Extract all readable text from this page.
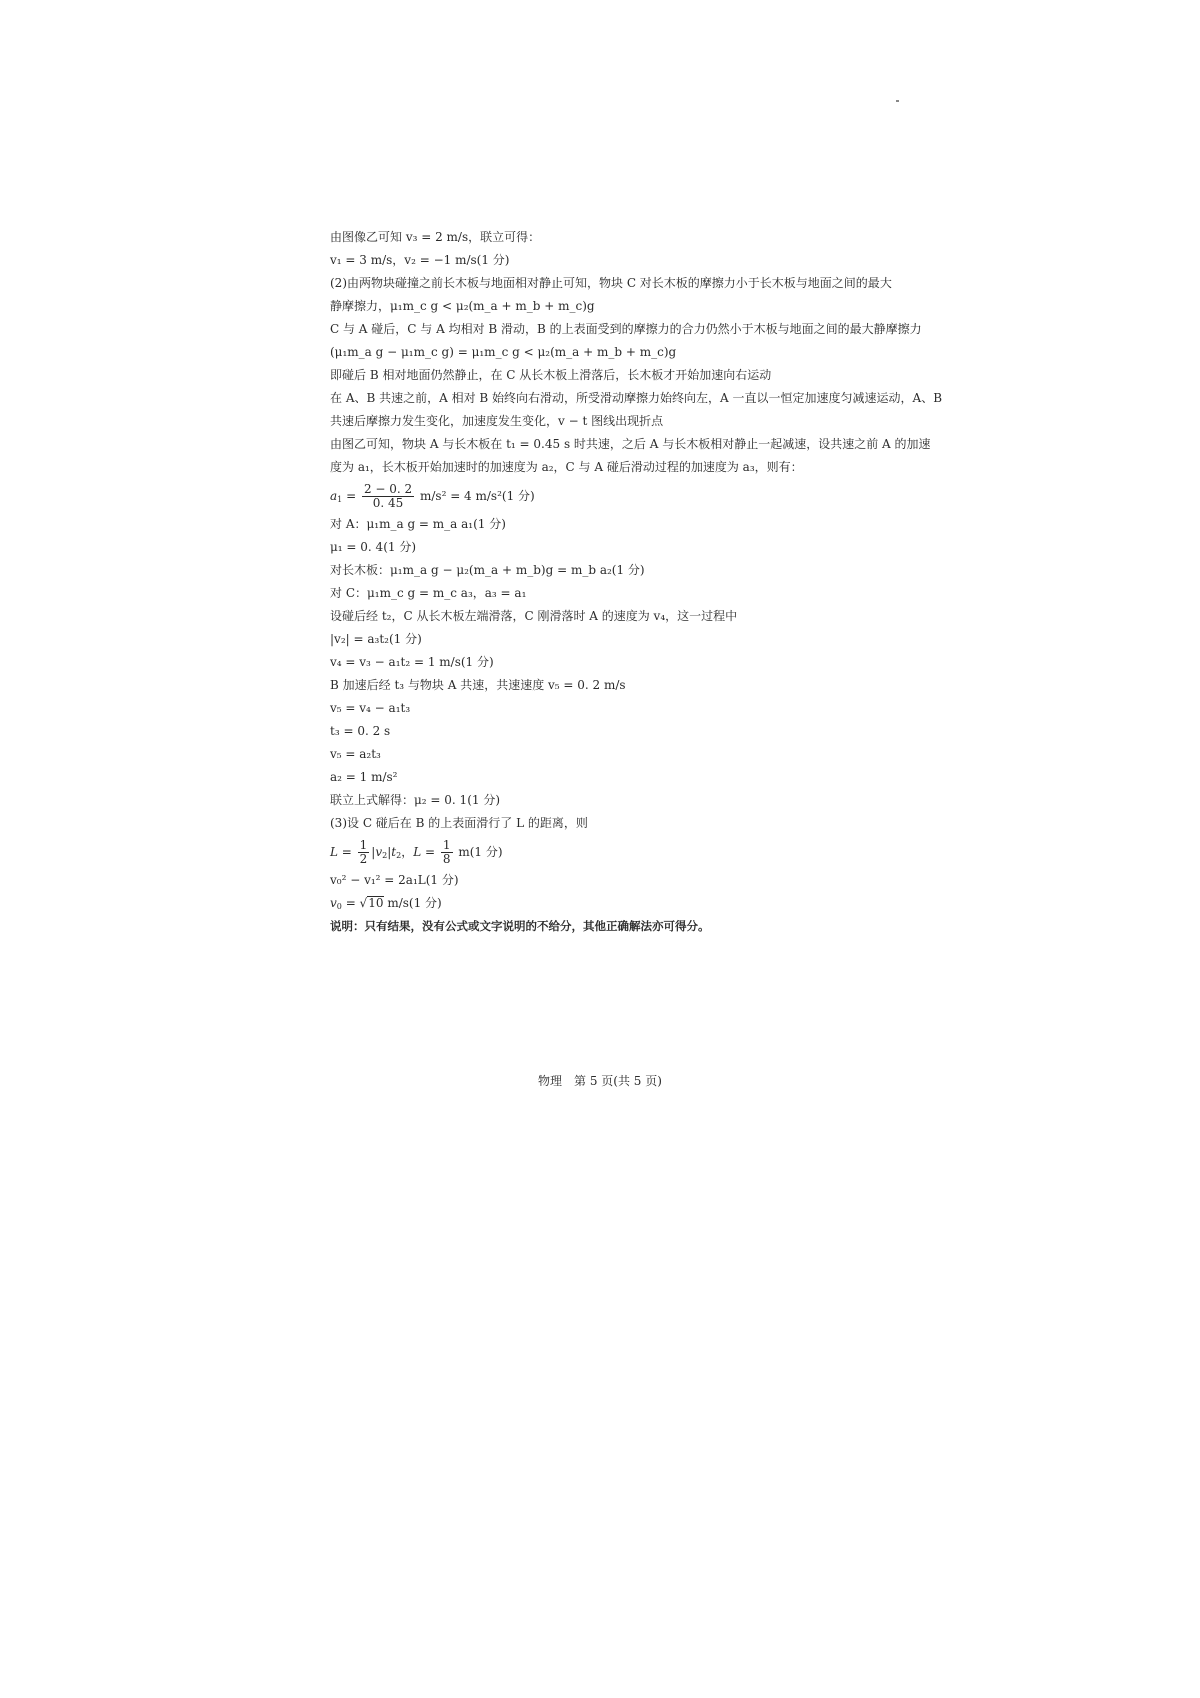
由图像乙可知 v₃ = 2 m/s，联立可得：
v₁ = 3 m/s，v₂ = −1 m/s(1 分)
(2)由两物块碰撞之前长木板与地面相对静止可知，物块 C 对长木板的摩擦力小于长木板与地面之间的最大
静摩擦力，μ₁m_c g < μ₂(m_a + m_b + m_c)g
C 与 A 碰后，C 与 A 均相对 B 滑动，B 的上表面受到的摩擦力的合力仍然小于木板与地面之间的最大静摩擦力
(μ₁m_a g − μ₁m_c g) = μ₁m_c g < μ₂(m_a + m_b + m_c)g
即碰后 B 相对地面仍然静止，在 C 从长木板上滑落后，长木板才开始加速向右运动
在 A、B 共速之前，A 相对 B 始终向右滑动，所受滑动摩擦力始终向左，A 一直以一恒定加速度匀减速运动，A、B
共速后摩擦力发生变化，加速度发生变化，v − t 图线出现折点
由图乙可知，物块 A 与长木板在 t₁ = 0.45 s 时共速，之后 A 与长木板相对静止一起减速，设共速之前 A 的加速
度为 a₁，长木板开始加速时的加速度为 a₂，C 与 A 碰后滑动过程的加速度为 a₃，则有：
$a_1 = \frac{2 - 0. 2}{0. 45} m/s^2 = 4$ m/s²(1 分)
对 A：μ₁m_a g = m_a a₁(1 分)
μ₁ = 0. 4(1 分)
对长木板：μ₁m_a g − μ₂(m_a + m_b)g = m_b a₂(1 分)
对 C：μ₁m_c g = m_c a₃，a₃ = a₁
设碰后经 t₂，C 从长木板左端滑落，C 刚滑落时 A 的速度为 v₄，这一过程中
|v₂| = a₃t₂(1 分)
v₄ = v₃ − a₁t₂ = 1 m/s(1 分)
B 加速后经 t₃ 与物块 A 共速，共速速度 v₅ = 0. 2 m/s
v₅ = v₄ − a₁t₃
t₃ = 0. 2 s
v₅ = a₂t₃
a₂ = 1 m/s²
联立上式解得：μ₂ = 0. 1(1 分)
(3)设 C 碰后在 B 的上表面滑行了 L 的距离，则
$L = \frac{1}{2} |v_2|t_2$，$L = \frac{1}{8} m(1$ 分)
v₀² − v₁² = 2a₁L(1 分)
$v_0 = √10$ m/s(1 分)
说明：只有结果，没有公式或文字说明的不给分，其他正确解法亦可得分。
物理　第 5 页(共 5 页)
